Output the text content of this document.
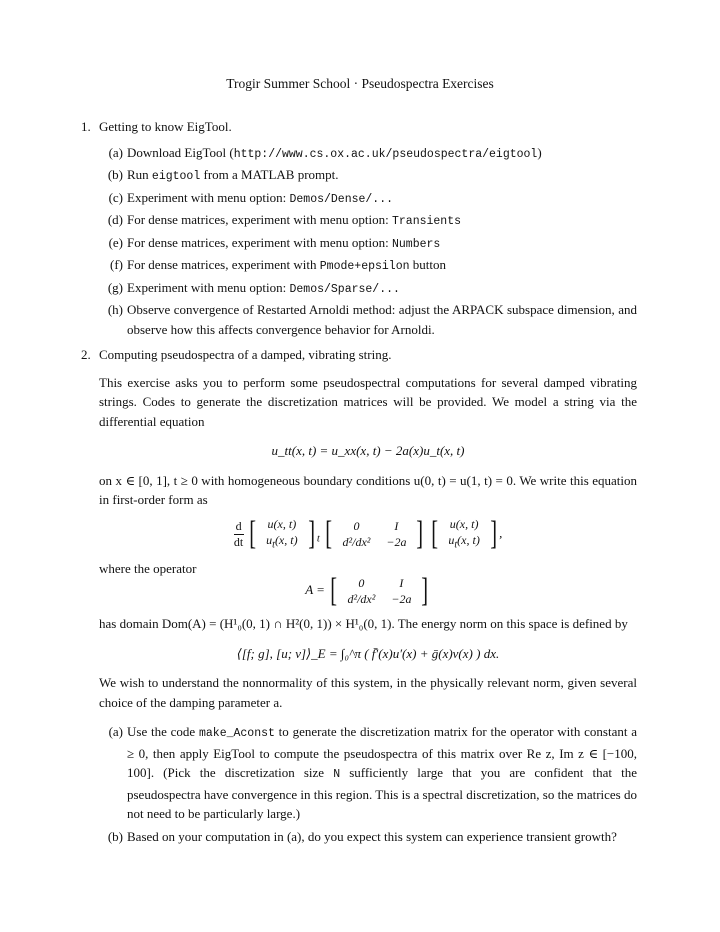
Trogir Summer School · Pseudospectra Exercises
1. Getting to know EigTool.

(a) Download EigTool (http://www.cs.ox.ac.uk/pseudospectra/eigtool)
(b) Run eigtool from a MATLAB prompt.
(c) Experiment with menu option: Demos/Dense/...
(d) For dense matrices, experiment with menu option: Transients
(e) For dense matrices, experiment with menu option: Numbers
(f) For dense matrices, experiment with Pmode+epsilon button
(g) Experiment with menu option: Demos/Sparse/...
(h) Observe convergence of Restarted Arnoldi method: adjust the ARPACK subspace dimension, and observe how this affects convergence behavior for Arnoldi.
2. Computing pseudospectra of a damped, vibrating string.

This exercise asks you to perform some pseudospectral computations for several damped vibrating strings. Codes to generate the discretization matrices will be provided. We model a string via the differential equation

u_tt(x, t) = u_xx(x, t) − 2a(x)u_t(x, t)

on x ∈ [0, 1], t ≥ 0 with homogeneous boundary conditions u(0, t) = u(1, t) = 0. We write this equation in first-order form as

$\frac{d}{dt}$
[ u(x, t)
$u_t(x$, t) ] $_t$ [ 0	I
d²/dx²	−2a ]
[ u(x, t)
$u_t(x$, t) ] ,

where the operator

A = [ 0	I
d²/dx²	−2a ]

has domain Dom(A) = (H¹₀(0, 1) ∩ H²(0, 1)) × H¹₀(0, 1). The energy norm on this space is defined by

⟨[f; g], [u; v]⟩_E = ∫₀^π ( f̄′(x)u′(x) + ḡ(x)v(x) ) dx.

We wish to understand the nonnormality of this system, in the physically relevant norm, given several choice of the damping parameter a.

(a) Use the code make_Aconst to generate the discretization matrix for the operator with constant a ≥ 0, then apply EigTool to compute the pseudospectra of this matrix over Re z, Im z ∈ [−100, 100]. (Pick the discretization size N sufficiently large that you are confident that the pseudospectra have convergence in this region. This is a spectral discretization, so the matrices do not need to be particularly large.)
(b) Based on your computation in (a), do you expect this system can experience transient growth?
